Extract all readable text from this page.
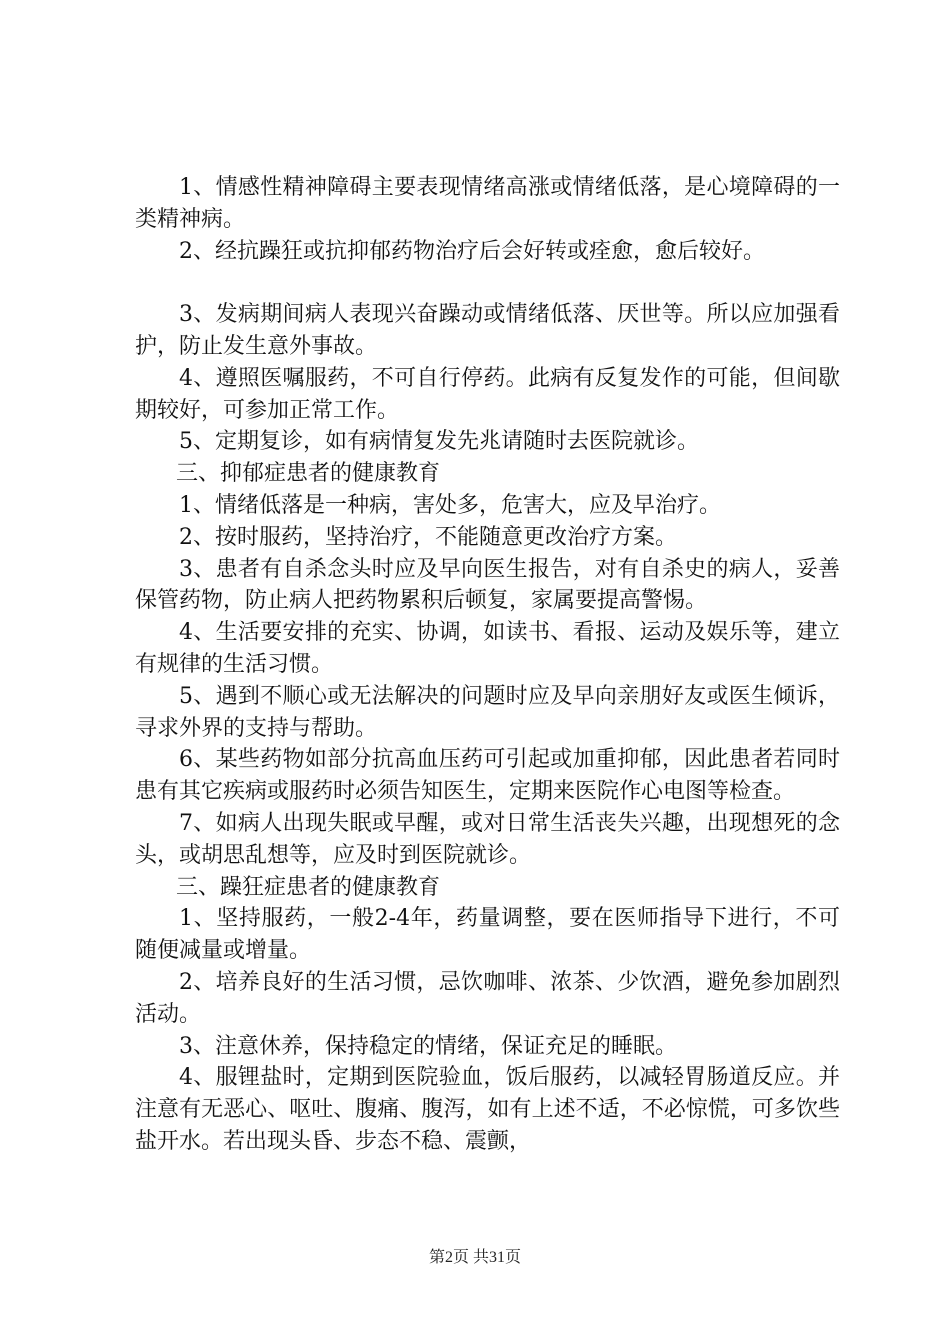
1、情感性精神障碍主要表现情绪高涨或情绪低落，是心境障碍的一类精神病。

2、经抗躁狂或抗抑郁药物治疗后会好转或痊愈，愈后较好。

3、发病期间病人表现兴奋躁动或情绪低落、厌世等。所以应加强看护，防止发生意外事故。

4、遵照医嘱服药，不可自行停药。此病有反复发作的可能，但间歇期较好，可参加正常工作。

5、定期复诊，如有病情复发先兆请随时去医院就诊。

三、抑郁症患者的健康教育

1、情绪低落是一种病，害处多，危害大，应及早治疗。

2、按时服药，坚持治疗，不能随意更改治疗方案。

3、患者有自杀念头时应及早向医生报告，对有自杀史的病人，妥善保管药物，防止病人把药物累积后顿复，家属要提高警惕。

4、生活要安排的充实、协调，如读书、看报、运动及娱乐等，建立有规律的生活习惯。

5、遇到不顺心或无法解决的问题时应及早向亲朋好友或医生倾诉，寻求外界的支持与帮助。

6、某些药物如部分抗高血压药可引起或加重抑郁，因此患者若同时患有其它疾病或服药时必须告知医生，定期来医院作心电图等检查。

7、如病人出现失眠或早醒，或对日常生活丧失兴趣，出现想死的念头，或胡思乱想等，应及时到医院就诊。

三、躁狂症患者的健康教育

1、坚持服药，一般2-4年，药量调整，要在医师指导下进行，不可随便减量或增量。

2、培养良好的生活习惯，忌饮咖啡、浓茶、少饮酒，避免参加剧烈活动。

3、注意休养，保持稳定的情绪，保证充足的睡眠。

4、服锂盐时，定期到医院验血，饭后服药，以减轻胃肠道反应。并注意有无恶心、呕吐、腹痛、腹泻，如有上述不适，不必惊慌，可多饮些盐开水。若出现头昏、步态不稳、震颤，

第2页 共31页
